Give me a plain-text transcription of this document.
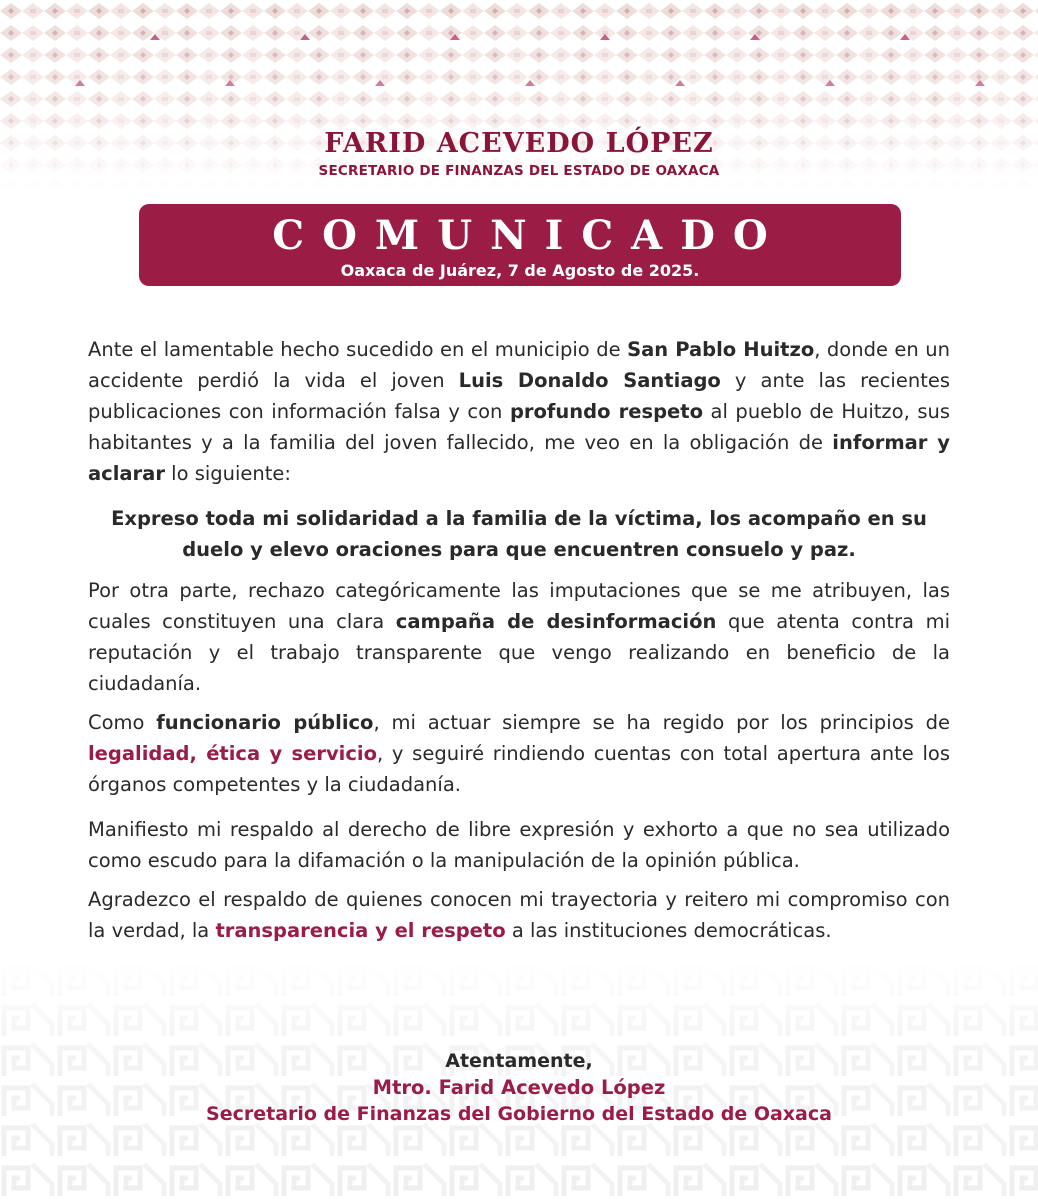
FARID ACEVEDO LÓPEZ
SECRETARIO DE FINANZAS DEL ESTADO DE OAXACA
COMUNICADO
Oaxaca de Juárez, 7 de Agosto de 2025.

Ante el lamentable hecho sucedido en el municipio de San Pablo Huitzo, donde en un accidente perdió la vida el joven Luis Donaldo Santiago y ante las recientes publicaciones con información falsa y con profundo respeto al pueblo de Huitzo, sus habitantes y a la familia del joven fallecido, me veo en la obligación de informar y aclarar lo siguiente:

Expreso toda mi solidaridad a la familia de la víctima, los acompaño en su duelo y elevo oraciones para que encuentren consuelo y paz.

Por otra parte, rechazo categóricamente las imputaciones que se me atribuyen, las cuales constituyen una clara campaña de desinformación que atenta contra mi reputación y el trabajo transparente que vengo realizando en beneficio de la ciudadanía.

Como funcionario público, mi actuar siempre se ha regido por los principios de legalidad, ética y servicio, y seguiré rindiendo cuentas con total apertura ante los órganos competentes y la ciudadanía.

Manifiesto mi respaldo al derecho de libre expresión y exhorto a que no sea utilizado como escudo para la difamación o la manipulación de la opinión pública.

Agradezco el respaldo de quienes conocen mi trayectoria y reitero mi compromiso con la verdad, la transparencia y el respeto a las instituciones democráticas.

Atentamente,
Mtro. Farid Acevedo López
Secretario de Finanzas del Gobierno del Estado de Oaxaca
